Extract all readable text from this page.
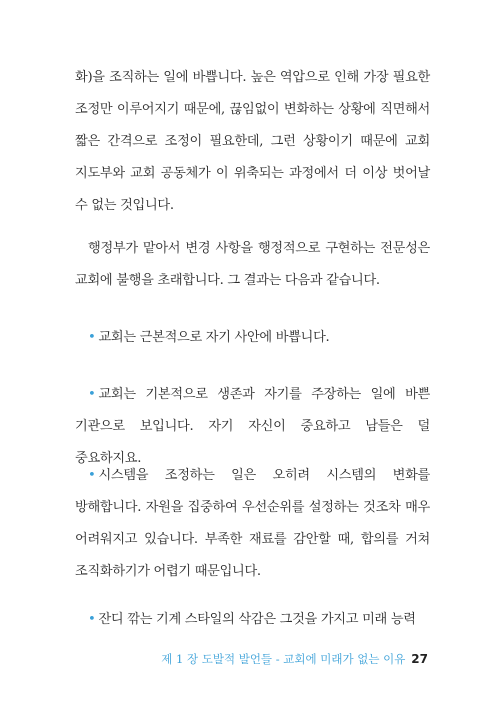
화)을 조직하는 일에 바쁩니다. 높은 역압으로 인해 가장 필요한 조정만 이루어지기 때문에, 끊임없이 변화하는 상황에 직면해서 짧은 간격으로 조정이 필요한데, 그런 상황이기 때문에 교회 지도부와 교회 공동체가 이 위축되는 과정에서 더 이상 벗어날 수 없는 것입니다.
행정부가 맡아서 변경 사항을 행정적으로 구현하는 전문성은 교회에 불행을 초래합니다. 그 결과는 다음과 같습니다.
• 교회는 근본적으로 자기 사안에 바쁩니다.
• 교회는 기본적으로 생존과 자기를 주장하는 일에 바쁜 기관으로 보입니다. 자기 자신이 중요하고 남들은 덜 중요하지요.
• 시스템을 조정하는 일은 오히려 시스템의 변화를 방해합니다. 자원을 집중하여 우선순위를 설정하는 것조차 매우 어려워지고 있습니다. 부족한 재료를 감안할 때, 합의를 거쳐 조직화하기가 어렵기 때문입니다.
• 잔디 깎는 기계 스타일의 삭감은 그것을 가지고 미래 능력
제 1 장 도발적 발언들 - 교회에 미래가 없는 이유 27
